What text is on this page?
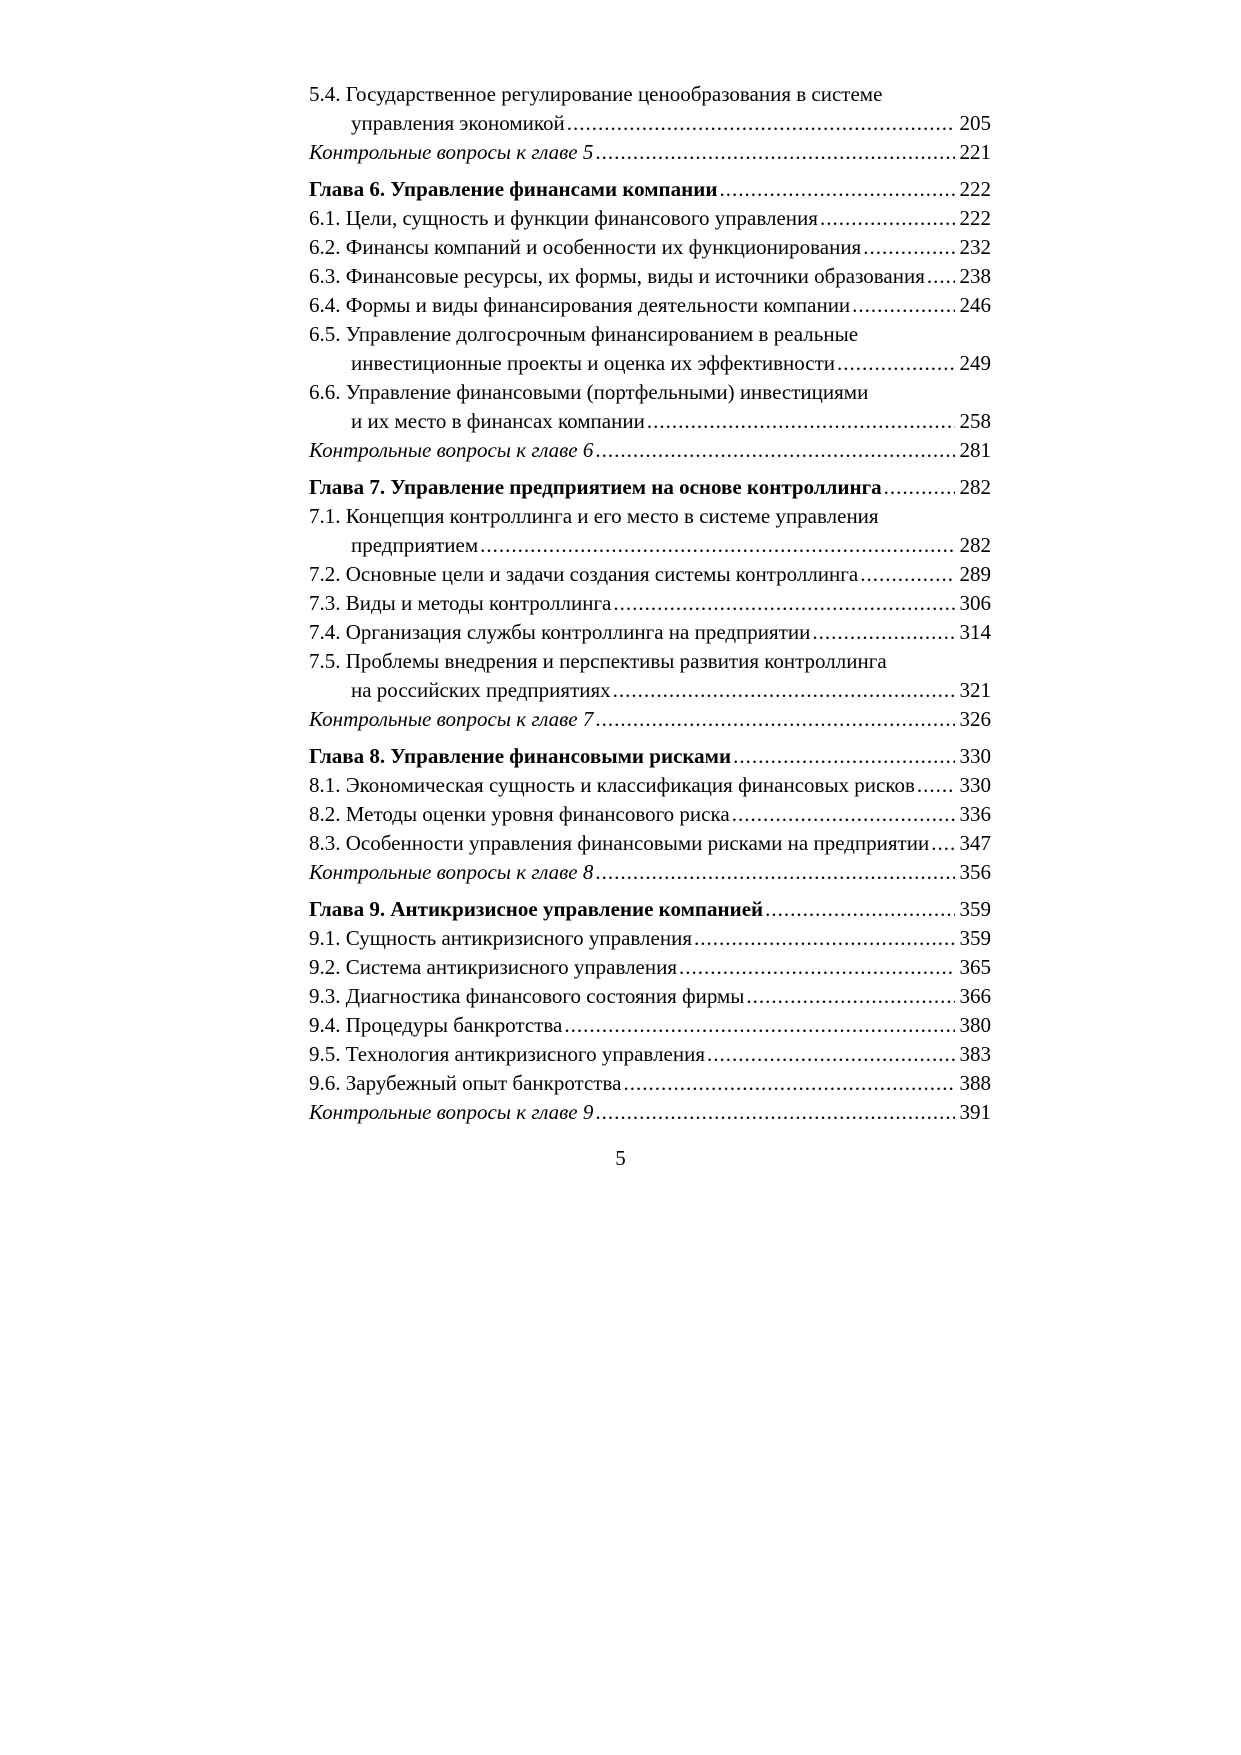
5.4. Государственное регулирование ценообразования в системе
управления экономикой .....	205
Контрольные вопросы к главе 5 .....	221
Глава 6. Управление финансами компании .....	222
6.1. Цели, сущность и функции финансового управления .....	222
6.2. Финансы компаний и особенности их функционирования .....	232
6.3. Финансовые ресурсы, их формы, виды и источники образования ..... 238
6.4. Формы и виды финансирования деятельности компании .....	246
6.5. Управление долгосрочным финансированием в реальные
инвестиционные проекты и оценка их эффективности .....	249
6.6. Управление финансовыми (портфельными) инвестициями
и их место в финансах компании .....	258
Контрольные вопросы к главе 6 .....	281
Глава 7. Управление предприятием на основе контроллинга .....	282
7.1. Концепция контроллинга и его место в системе управления
предприятием .....	282
7.2. Основные цели и задачи создания системы контроллинга .....	289
7.3. Виды и методы контроллинга .....	306
7.4. Организация службы контроллинга на предприятии .....	314
7.5. Проблемы внедрения и перспективы развития контроллинга
на российских предприятиях .....	321
Контрольные вопросы к главе 7 .....	326
Глава 8. Управление финансовыми рисками .....	330
8.1. Экономическая сущность и классификация финансовых рисков ..... 330
8.2. Методы оценки уровня финансового риска .....	336
8.3. Особенности управления финансовыми рисками на предприятии ..... 347
Контрольные вопросы к главе 8 .....	356
Глава 9. Антикризисное управление компанией .....	359
9.1. Сущность антикризисного управления .....	359
9.2. Система антикризисного управления .....	365
9.3. Диагностика финансового состояния фирмы .....	366
9.4. Процедуры банкротства .....	380
9.5. Технология антикризисного управления .....	383
9.6. Зарубежный опыт банкротства .....	388
Контрольные вопросы к главе 9 .....	391
5
